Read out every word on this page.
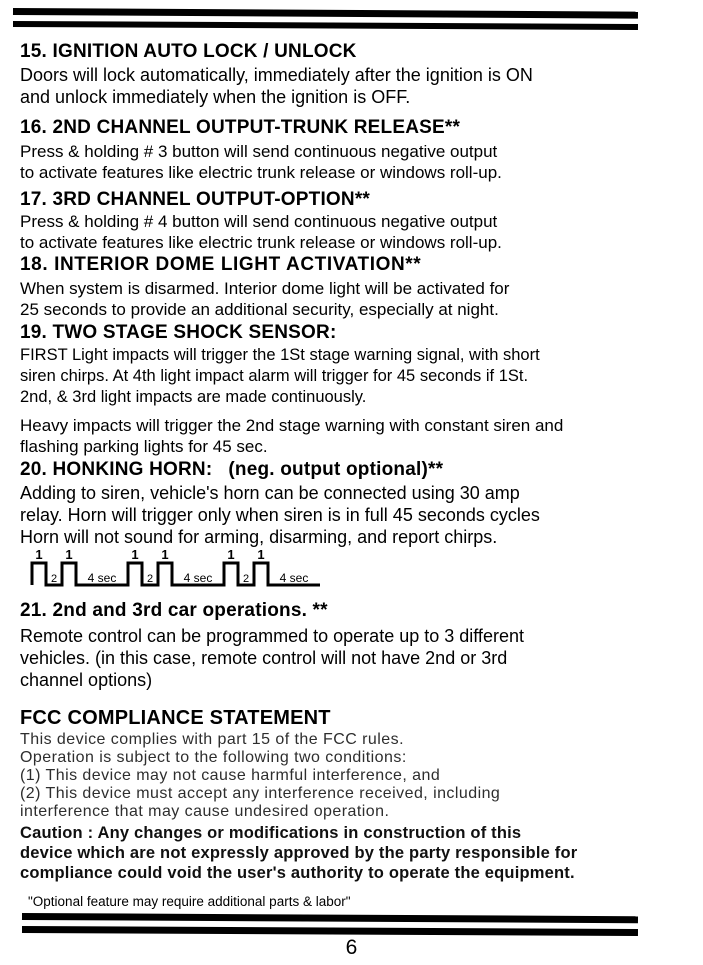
15. IGNITION AUTO LOCK / UNLOCK
Doors will lock automatically, immediately after the ignition is ON
and unlock immediately when the ignition is OFF.
16. 2ND CHANNEL OUTPUT-TRUNK RELEASE**
Press & holding # 3 button will send continuous negative output
to activate features like electric trunk release or windows roll-up.
17. 3RD CHANNEL OUTPUT-OPTION**
Press & holding # 4 button will send continuous negative output
to activate features like electric trunk release or windows roll-up.
18. INTERIOR DOME LIGHT ACTIVATION**
When system is disarmed. Interior dome light will be activated for
25 seconds to provide an additional security, especially at night.
19. TWO STAGE SHOCK SENSOR:
FIRST Light impacts will trigger the 1St stage warning signal, with short
siren chirps. At 4th light impact alarm will trigger for 45 seconds if 1St.
2nd, & 3rd light impacts are made continuously.
Heavy impacts will trigger the 2nd stage warning with constant siren and
flashing parking lights for 45 sec.
20. HONKING HORN: (neg. output optional)**
Adding to siren, vehicle's horn can be connected using 30 amp
relay. Horn will trigger only when siren is in full 45 seconds cycles
Horn will not sound for arming, disarming, and report chirps.
1 1	1 1	1 1
2	2	2
4 sec	4 sec	4 sec
21. 2nd and 3rd car operations. **
Remote control can be programmed to operate up to 3 different
vehicles. (in this case, remote control will not have 2nd or 3rd
channel options)
FCC COMPLIANCE STATEMENT
This device complies with part 15 of the FCC rules.
Operation is subject to the following two conditions:
(1) This device may not cause harmful interference, and
(2) This device must accept any interference received, including
interference that may cause undesired operation.
Caution : Any changes or modifications in construction of this
device which are not expressly approved by the party responsible for
compliance could void the user's authority to operate the equipment.
"Optional feature may require additional parts & labor"
6
